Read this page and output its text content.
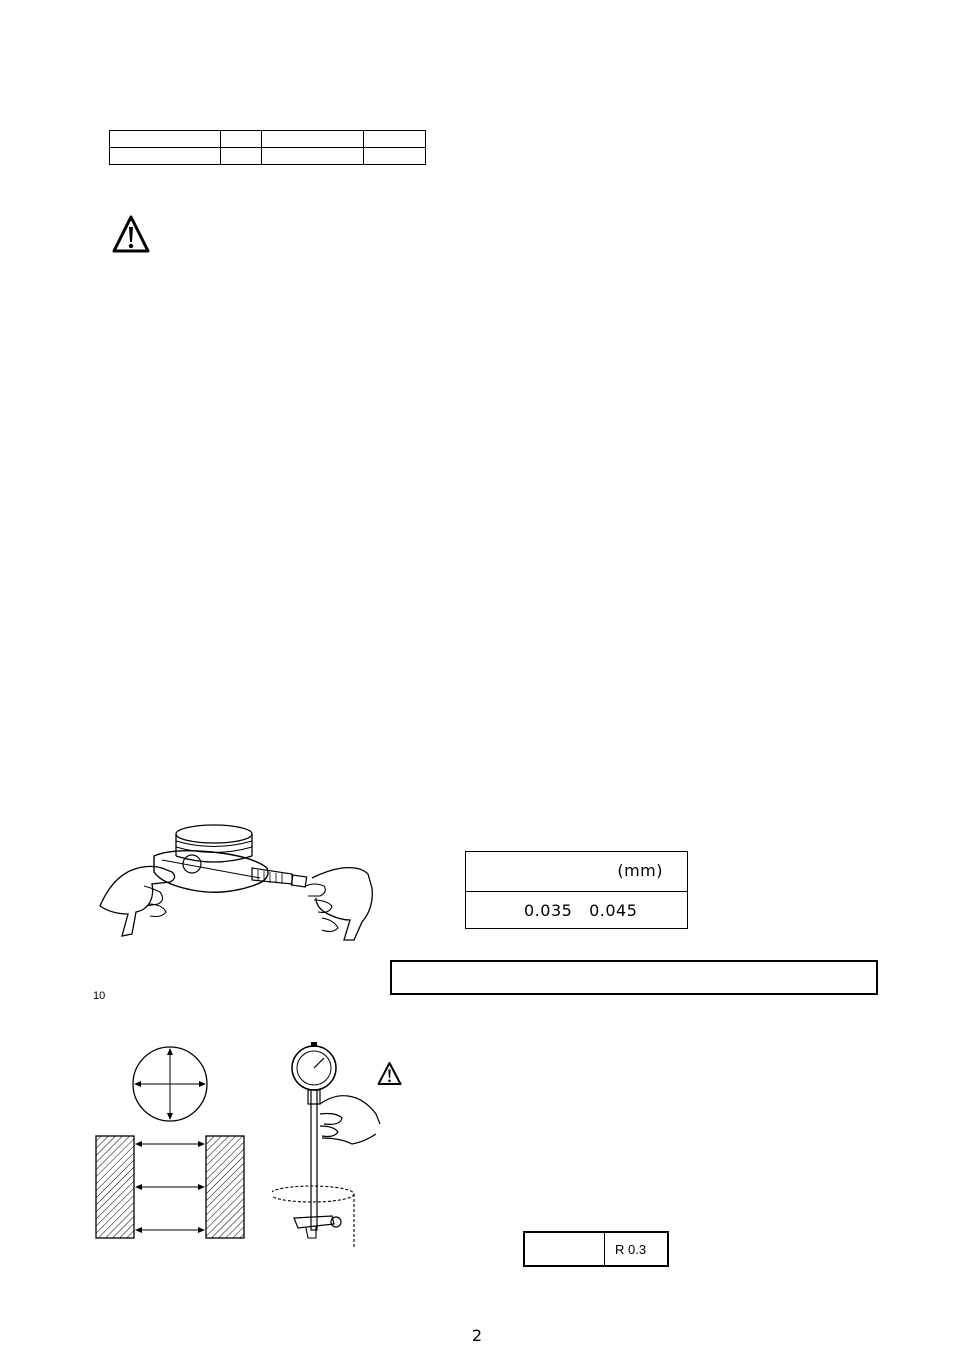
(mm)
0.035   0.045
10
R 0.3
2
